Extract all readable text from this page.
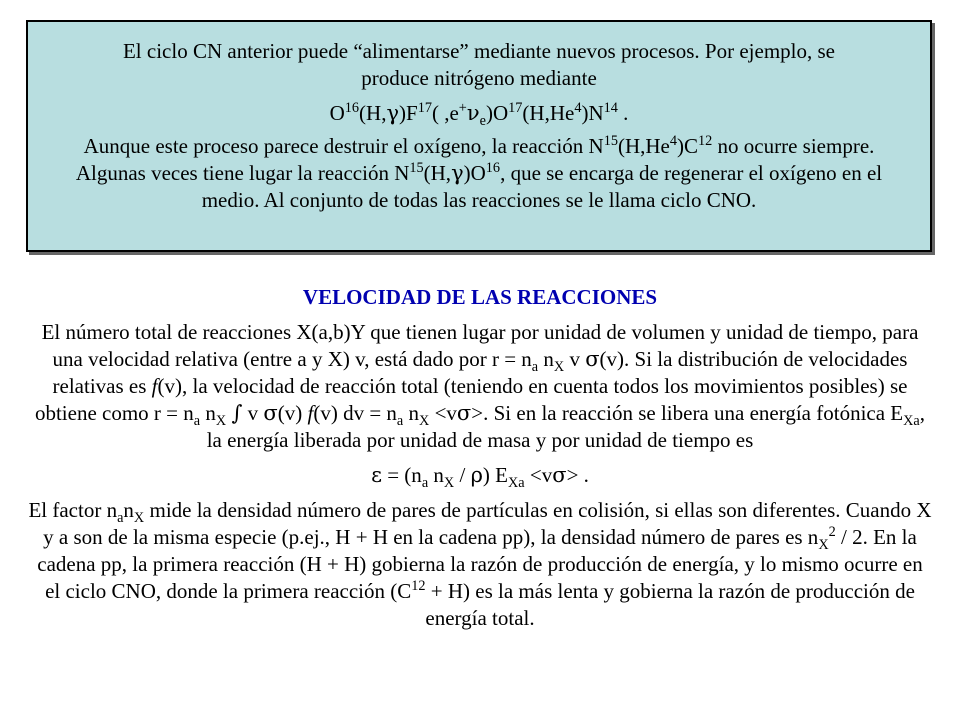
El ciclo CN anterior puede “alimentarse” mediante nuevos procesos. Por ejemplo, se
produce nitrógeno mediante

$O^{16}(H,\gamma)F^{17}$( $,e^+\nu_e)O^{17}(H,He^4)N^{14}$ .

Aunque este proceso parece destruir el oxígeno, la reacción $N^{15}(H,He^4)C^{12}$ no ocurre siempre. Algunas veces tiene lugar la reacción $N^{15}(H,\gamma)O^{16}$, que se encarga de regenerar el oxígeno en el medio. Al conjunto de todas las reacciones se le llama ciclo CNO.

VELOCIDAD DE LAS REACCIONES

El número total de reacciones X(a,b)Y que tienen lugar por unidad de volumen y unidad de tiempo, para una velocidad relativa (entre a y X) v, está dado por $r = n_a$ $n_X$ v σ(v). Si la distribución de velocidades relativas es f(v), la velocidad de reacción total (teniendo en cuenta todos los movimientos posibles) se obtiene como $r = n_a$ $n_X$ ∫ v σ(v) f(v) dv = $n_a$ $n_X <v\sigma>$. Si en la reacción se libera una energía fotónica $E_{Xa}$, la energía liberada por unidad de masa y por unidad de tiempo es

$\varepsilon = (n_a$ $n_X / \rho$) $E_{Xa} <v\sigma>$ .

El factor $n_an_X$ mide la densidad número de pares de partículas en colisión, si ellas son diferentes. Cuando X y a son de la misma especie (p.ej., H + H en la cadena pp), la densidad número de pares es $n_X^2 / 2$. En la cadena pp, la primera reacción (H + H) gobierna la razón de producción de energía, y lo mismo ocurre en el ciclo CNO, donde la primera reacción $(C^{12} + H)$ es la más lenta y gobierna la razón de producción de energía total.
